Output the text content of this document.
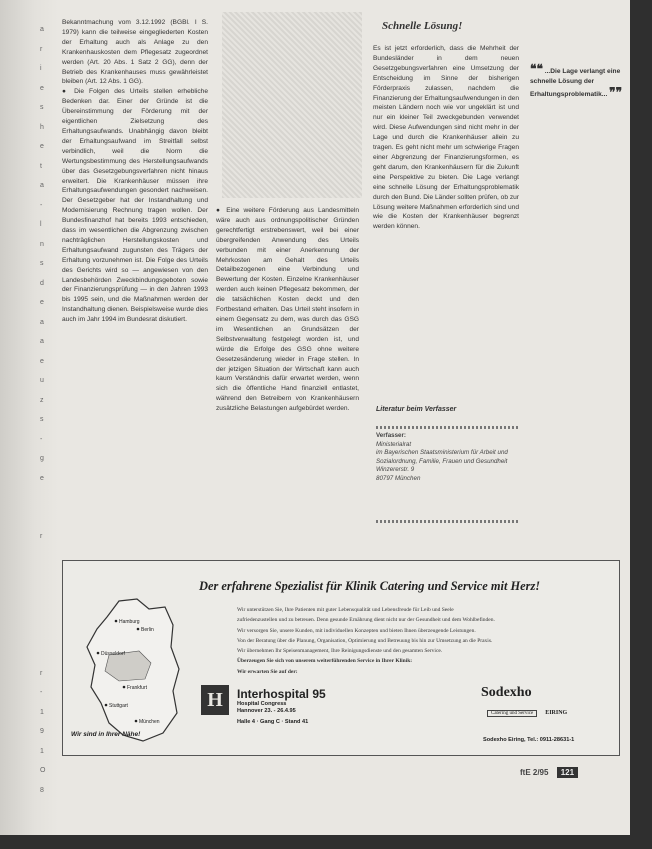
a
r
i
e
s
h
e
t
a
-
l
n
s
d
e
a
a
e
u
z
s
-
g
e
r
r
-
1
9
1
O
8

Bekanntmachung vom 3.12.1992 (BGBl. I S. 1979) kann die teilweise eingegliederten Kosten der Erhaltung auch als Anlage zu den Krankenhauskosten dem Pflegesatz zugeordnet werden (Art. 20 Abs. 1 Satz 2 GG), denn der Betrieb des Krankenhauses muss gewährleistet bleiben (Art. 12 Abs. 1 GG).

● Die Folgen des Urteils stellen erhebliche Bedenken dar. Einer der Gründe ist die Übereinstimmung der Förderung mit der eigentlichen Zielsetzung des Erhaltungsaufwands. Unabhängig davon bleibt der Erhaltungsaufwand im Streitfall selbst verbindlich, weil die Norm die Wertungsbestimmung des Herstellungsaufwands über das Gesetzgebungsverfahren nicht hinaus erweitert. Die Krankenhäuser müssen ihre Erhaltungsaufwendungen gesondert nachweisen. Der Gesetzgeber hat der Instandhaltung und Modernisierung Rechnung tragen wollen. Der Bundesfinanzhof hat bereits 1993 entschieden, dass im wesentlichen die Abgrenzung zwischen nachträglichen Herstellungskosten und Erhaltungsaufwand zugunsten des Trägers der Erhaltung vorzunehmen ist. Die Folge des Urteils des Gerichts wird so — angewiesen von den Landesbehörden Zweckbindungsgeboten sowie der Finanzierungsprüfung — in den Jahren 1993 bis 1995 sein, und die Maßnahmen werden der Instandhaltung dienen. Beispielsweise wurde dies auch im Jahr 1994 im Bundesrat diskutiert.

● Eine weitere Förderung aus Landesmitteln wäre auch aus ordnungspolitischer Gründen gerechtfertigt erstrebenswert, weil bei einer übergreifenden Anwendung des Urteils verbunden mit einer Anerkennung der Mehrkosten am Gehalt des Urteils Detailbezogenen eine Verbindung und Bewertung der Kosten. Einzelne Krankenhäuser werden auch keinen Pflegesatz bekommen, der die tatsächlichen Kosten deckt und den Fortbestand erhalten. Das Urteil steht insofern in einem Gegensatz zu dem, was durch das GSG im Wesentlichen an Grundsätzen der Selbstverwaltung festgelegt worden ist, und würde die Erfolge des GSG ohne weitere Gesetzesänderung wieder in Frage stellen. In der jetzigen Situation der Wirtschaft kann auch kaum Verständnis dafür erwartet werden, wenn sich die öffentliche Hand finanziell entlastet, während den Betreibern von Krankenhäusern zusätzliche Belastungen aufgebürdet werden.

Schnelle Lösung!

Es ist jetzt erforderlich, dass die Mehrheit der Bundesländer in dem neuen Gesetzgebungsverfahren eine Umsetzung der Entscheidung im Sinne der bisherigen Förderpraxis zulassen, nachdem die Finanzierung der Erhaltungsaufwendungen in den meisten Ländern noch wie vor ungeklärt ist und nur ein kleiner Teil zweckgebunden verwendet wird. Diese Aufwendungen sind nicht mehr in der Lage und durch die Krankenhäuser allein zu tragen. Es geht nicht mehr um schwierige Fragen einer Abgrenzung der Finanzierungsformen, es geht darum, den Krankenhäusern für die Zukunft eine Perspektive zu bieten. Die Lage verlangt eine schnelle Lösung der Erhaltungsproblematik durch den Bund. Die Länder sollten prüfen, ob zur Lösung weitere Maßnahmen erforderlich sind und wie die Kosten der Krankenhäuser begrenzt werden können.

❝❝ ...Die Lage verlangt eine schnelle Lösung der Erhaltungsproblematik... ❞❞
Literatur beim Verfasser
Verfasser:
Ministerialrat
im Bayerischen Staatsministerium für Arbeit und Sozialordnung, Familie, Frauen und Gesundheit
Winzererstr. 9
80797 München
Der erfahrene Spezialist für Klinik Catering und Service mit Herz!
Hamburg
Berlin
Düsseldorf
Frankfurt
Stuttgart
München
Wir sind in Ihrer Nähe!
Wir unterstützen Sie, Ihre Patienten mit guter Lebensqualität und Lebensfreude für Leib und Seele
zufriedenzustellen und zu betreuen. Denn gesunde Ernährung dient nicht nur der Gesundheit und dem Wohlbefinden.
Wir versorgen Sie, unsere Kunden, mit individuellen Konzepten und bieten Ihnen überzeugende Leistungen.
Von der Beratung über die Planung, Organisation, Optimierung und Betreuung bis hin zur Umsetzung an die Praxis.
Wir übernehmen Ihr Speisenmanagement, Ihre Reinigungsdienste und den gesamten Service.
Überzeugen Sie sich von unserem weiterführenden Service in Ihrer Klinik:
Wir erwarten Sie auf der:
H	Interhospital 95
Hospital Congress
Hannover 23. - 26.4.95
Halle 4 · Gang C · Stand 41
Sodexho
Catering und Service EIRING
Sodexho Eiring, Tel.: 0911-28631-1
ftE 2/95 121
